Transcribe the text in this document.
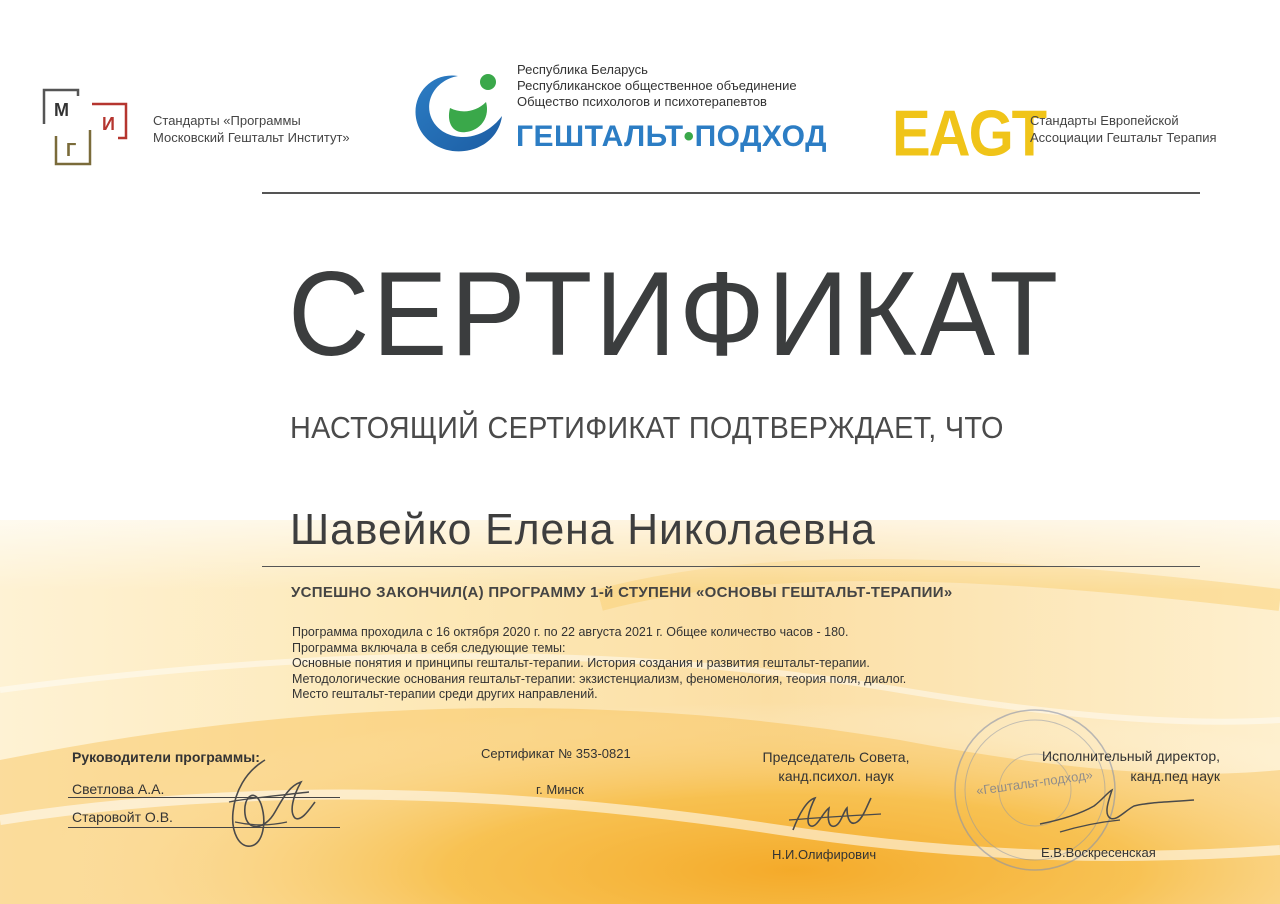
М
И
Г
Стандарты «Программы
Московский Гештальт Институт»
Республика Беларусь
Республиканское общественное объединение
Общество психологов и психотерапевтов
ГЕШТАЛЬТ•ПОДХОД EAGT
Стандарты Европейской
Ассоциации Гештальт Терапия
СЕРТИФИКАТ
НАСТОЯЩИЙ СЕРТИФИКАТ ПОДТВЕРЖДАЕТ, ЧТО
Шавейко Елена Николаевна
УСПЕШНО ЗАКОНЧИЛ(А) ПРОГРАММУ 1-й СТУПЕНИ «ОСНОВЫ ГЕШТАЛЬТ-ТЕРАПИИ»
Программа проходила с 16 октября 2020 г. по 22 августа 2021 г. Общее количество часов - 180.
Программа включала в себя следующие темы:
Основные понятия и принципы гештальт-терапии. История создания и развития гештальт-терапии.
Методологические основания гештальт-терапии: экзистенциализм, феноменология, теория поля, диалог.
Место гештальт-терапии среди других направлений.
Руководители программы:
Светлова А.А.
Старовойт О.В.
Сертификат № 353-0821
г. Минск
Председатель Совета,
канд.психол. наук
Н.И.Олифирович
«Гештальт-подход»
Исполнительный директор,
канд.пед наук
Е.В.Воскресенская
